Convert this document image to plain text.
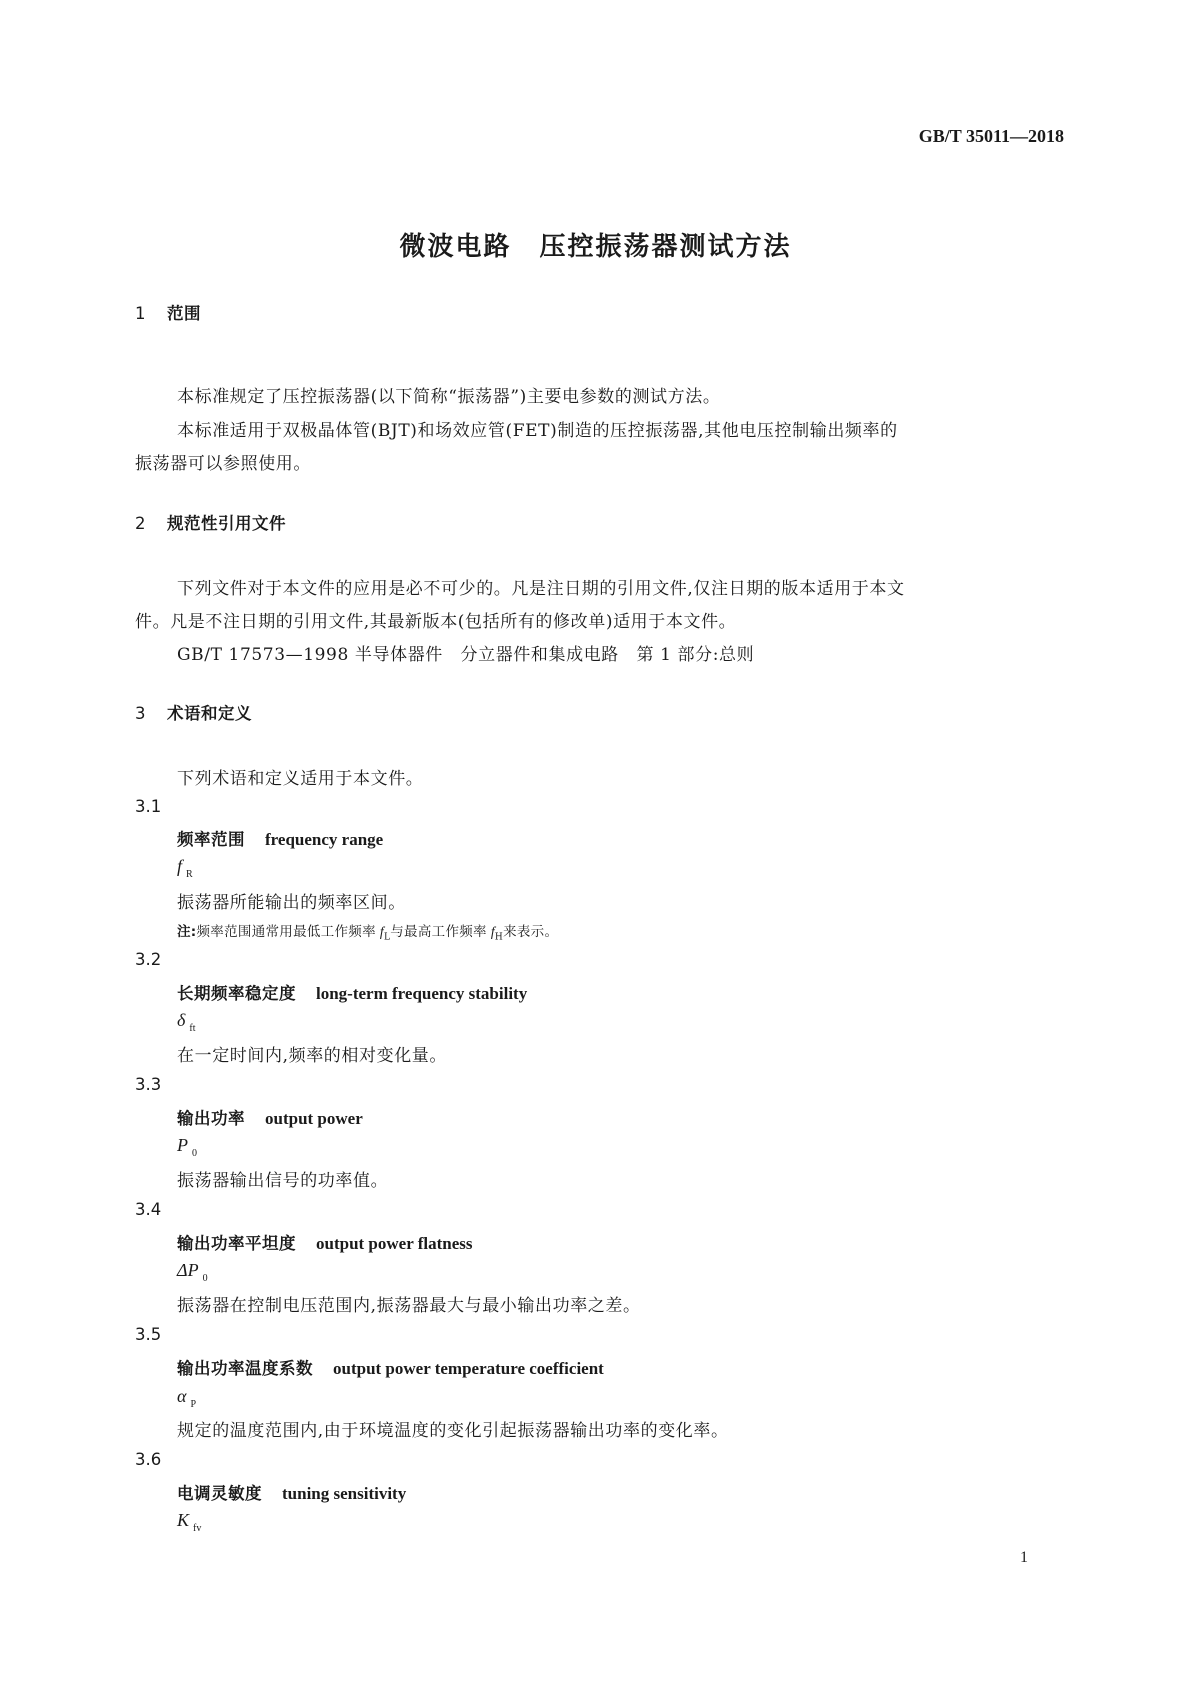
GB/T 35011—2018
微波电路　压控振荡器测试方法
1 范围
本标准规定了压控振荡器(以下简称“振荡器”)主要电参数的测试方法。
本标准适用于双极晶体管(BJT)和场效应管(FET)制造的压控振荡器,其他电压控制输出频率的
振荡器可以参照使用。
2 规范性引用文件
下列文件对于本文件的应用是必不可少的。凡是注日期的引用文件,仅注日期的版本适用于本文
件。凡是不注日期的引用文件,其最新版本(包括所有的修改单)适用于本文件。
GB/T 17573—1998 半导体器件　分立器件和集成电路　第 1 部分:总则
3 术语和定义
下列术语和定义适用于本文件。
3.1
频率范围 frequency range
f $_R$
振荡器所能输出的频率区间。
注:频率范围通常用最低工作频率 $f_L$与最高工作频率 $f_H$来表示。
3.2
长期频率稳定度 long-term frequency stability
δ $_{ft}$
在一定时间内,频率的相对变化量。
3.3
输出功率 output power
P $_0$
振荡器输出信号的功率值。
3.4
输出功率平坦度 output power flatness
ΔP $_0$
振荡器在控制电压范围内,振荡器最大与最小输出功率之差。
3.5
输出功率温度系数 output power temperature coefficient
α $_P$
规定的温度范围内,由于环境温度的变化引起振荡器输出功率的变化率。
3.6
电调灵敏度 tuning sensitivity
K $_{fv}$
1
